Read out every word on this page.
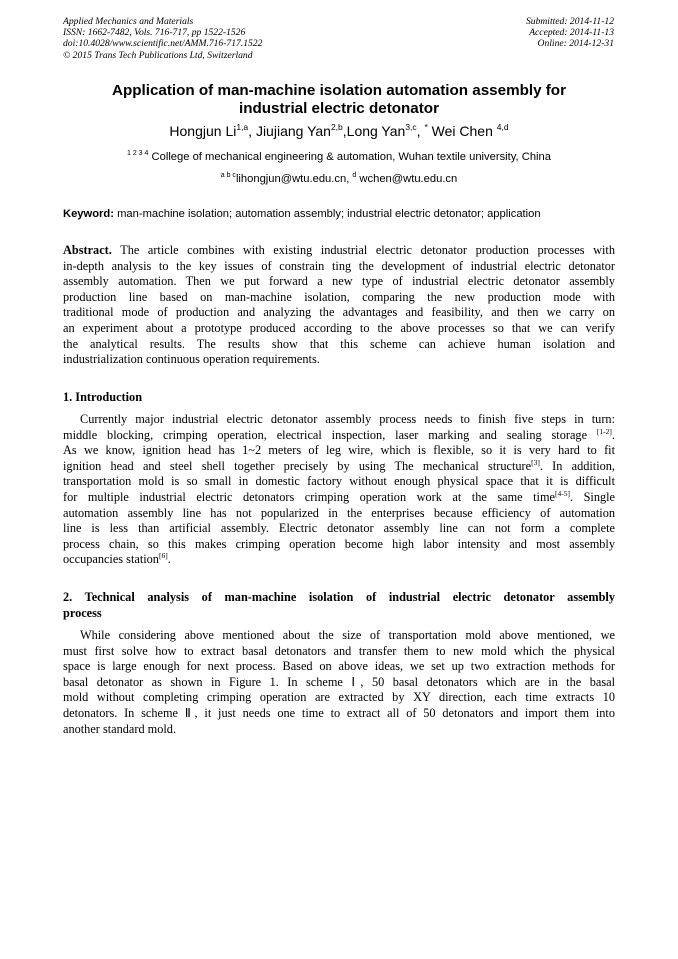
Applied Mechanics and Materials
ISSN: 1662-7482, Vols. 716-717, pp 1522-1526
doi:10.4028/www.scientific.net/AMM.716-717.1522
© 2015 Trans Tech Publications Ltd, Switzerland
Submitted: 2014-11-12
Accepted: 2014-11-13
Online: 2014-12-31
Application of man-machine isolation automation assembly for
industrial electric detonator
Hongjun Li$^{1,a}$, Jiujiang Yan$^{2,b}$,Long Yan$^{3,c}$, * Wei Chen $^{4,d}$
$^{1 2 3 4}$ College of mechanical engineering & automation, Wuhan textile university, China
$^{a b c}$lihongjun@wtu.edu.cn, $^d$ wchen@wtu.edu.cn
Keyword: man-machine isolation; automation assembly; industrial electric detonator; application
Abstract. The article combines with existing industrial electric detonator production processes with
in-depth analysis to the key issues of constrain ting the development of industrial electric detonator
assembly automation. Then we put forward a new type of industrial electric detonator assembly
production line based on man-machine isolation, comparing the new production mode with
traditional mode of production and analyzing the advantages and feasibility, and then we carry on
an experiment about a prototype produced according to the above processes so that we can verify
the analytical results. The results show that this scheme can achieve human isolation and
industrialization continuous operation requirements.
1. Introduction
Currently major industrial electric detonator assembly process needs to finish five steps in turn:
middle blocking, crimping operation, electrical inspection, laser marking and sealing storage [1-2].
As we know, ignition head has 1~2 meters of leg wire, which is flexible, so it is very hard to fit
ignition head and steel shell together precisely by using The mechanical structure[3]. In addition,
transportation mold is so small in domestic factory without enough physical space that it is difficult
for multiple industrial electric detonators crimping operation work at the same time[4-5]. Single
automation assembly line has not popularized in the enterprises because efficiency of automation
line is less than artificial assembly. Electric detonator assembly line can not form a complete
process chain, so this makes crimping operation become high labor intensity and most assembly
occupancies station[6].
2. Technical analysis of man-machine isolation of industrial electric detonator assembly
process
While considering above mentioned about the size of transportation mold above mentioned, we
must first solve how to extract basal detonators and transfer them to new mold which the physical
space is large enough for next process. Based on above ideas, we set up two extraction methods for
basal detonator as shown in Figure 1. In scheme Ⅰ, 50 basal detonators which are in the basal
mold without completing crimping operation are extracted by XY direction, each time extracts 10
detonators. In scheme Ⅱ, it just needs one time to extract all of 50 detonators and import them into
another standard mold.
